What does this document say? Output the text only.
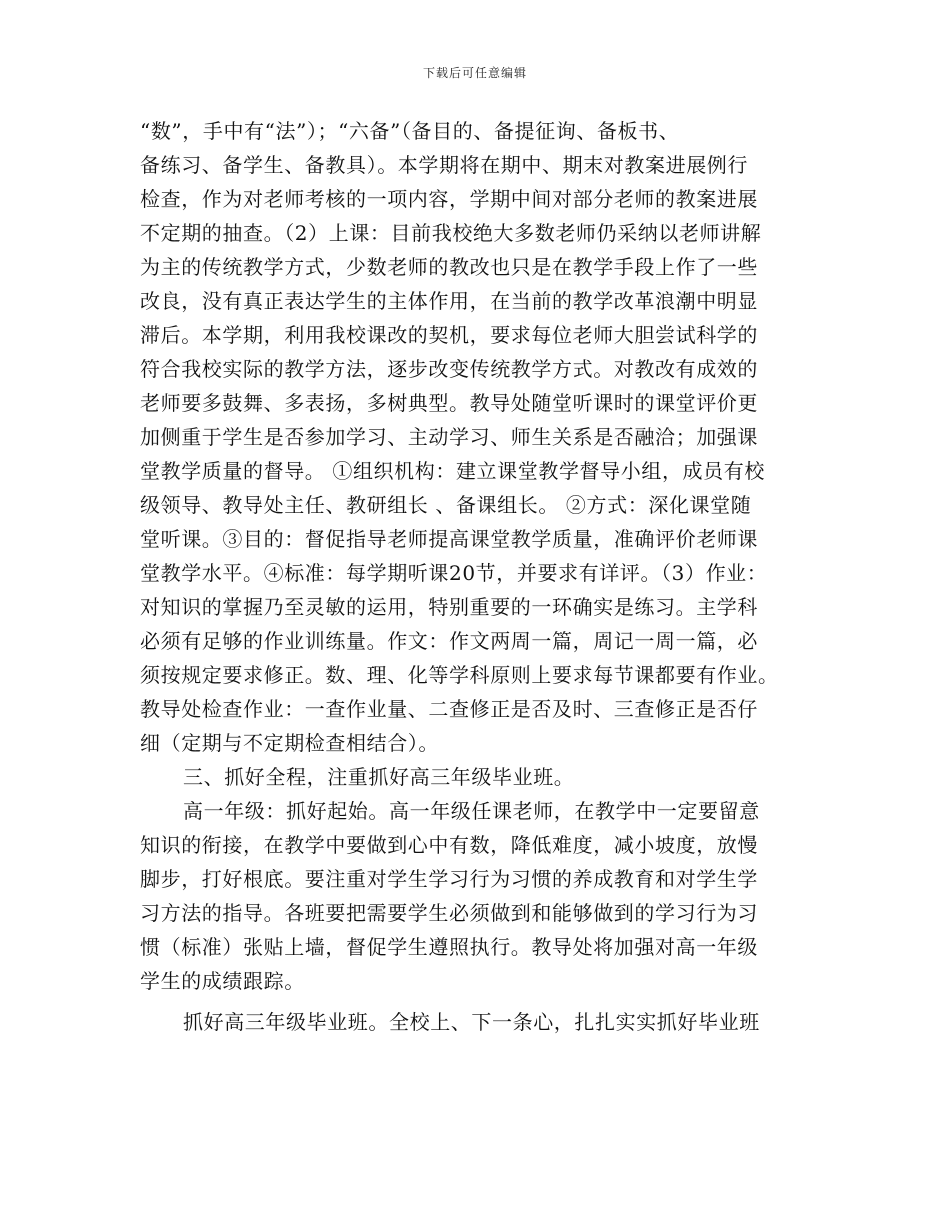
下载后可任意编辑
“数”，手中有“法”）；“六备”（备目的、备提征询、备板书、
备练习、备学生、备教具）。本学期将在期中、期末对教案进展例行
检查，作为对老师考核的一项内容，学期中间对部分老师的教案进展
不定期的抽查。（2）上课：目前我校绝大多数老师仍采纳以老师讲解
为主的传统教学方式，少数老师的教改也只是在教学手段上作了一些
改良，没有真正表达学生的主体作用，在当前的教学改革浪潮中明显
滞后。本学期，利用我校课改的契机，要求每位老师大胆尝试科学的
符合我校实际的教学方法，逐步改变传统教学方式。对教改有成效的
老师要多鼓舞、多表扬，多树典型。教导处随堂听课时的课堂评价更
加侧重于学生是否参加学习、主动学习、师生关系是否融洽；加强课
堂教学质量的督导。 ①组织机构：建立课堂教学督导小组，成员有校
级领导、教导处主任、教研组长 、备课组长。 ②方式：深化课堂随
堂听课。③目的：督促指导老师提高课堂教学质量，准确评价老师课
堂教学水平。④标准：每学期听课20节，并要求有详评。（3）作业：
对知识的掌握乃至灵敏的运用，特别重要的一环确实是练习。主学科
必须有足够的作业训练量。作文：作文两周一篇，周记一周一篇，必
须按规定要求修正。数、理、化等学科原则上要求每节课都要有作业。
教导处检查作业：一查作业量、二查修正是否及时、三查修正是否仔
细（定期与不定期检查相结合）。
三、抓好全程，注重抓好高三年级毕业班。
高一年级：抓好起始。高一年级任课老师，在教学中一定要留意
知识的衔接，在教学中要做到心中有数，降低难度，减小坡度，放慢
脚步，打好根底。要注重对学生学习行为习惯的养成教育和对学生学
习方法的指导。各班要把需要学生必须做到和能够做到的学习行为习
惯（标准）张贴上墙，督促学生遵照执行。教导处将加强对高一年级
学生的成绩跟踪。
抓好高三年级毕业班。全校上、下一条心，扎扎实实抓好毕业班
